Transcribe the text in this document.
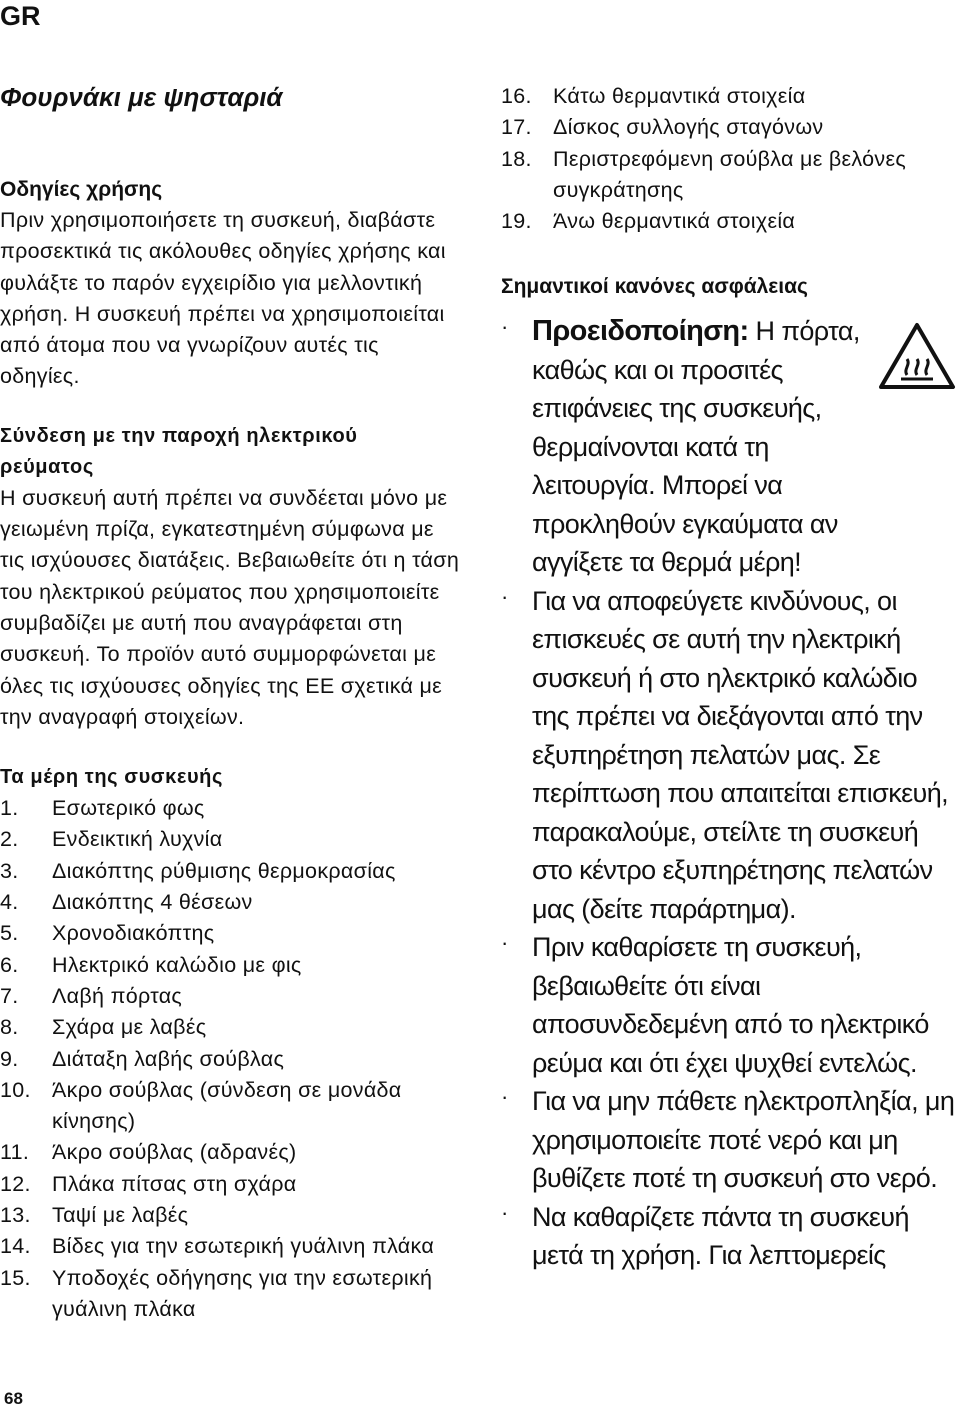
GR
Φουρνάκι με ψησταριά
Οδηγίες χρήσης
Πριν χρησιμοποιήσετε τη συσκευή, διαβάστε προσεκτικά τις ακόλουθες οδηγίες χρήσης και φυλάξτε το παρόν εγχειρίδιο για μελλοντική χρήση. Η συσκευή πρέπει να χρησιμοποιείται από άτομα που να γνωρίζουν αυτές τις οδηγίες.
Σύνδεση με την παροχή ηλεκτρικού ρεύματος
Η συσκευή αυτή πρέπει να συνδέεται μόνο με γειωμένη πρίζα, εγκατεστημένη σύμφωνα με τις ισχύουσες διατάξεις. Βεβαιωθείτε ότι η τάση του ηλεκτρικού ρεύματος που χρησιμοποιείτε συμβαδίζει με αυτή που αναγράφεται στη συσκευή. Το προϊόν αυτό συμμορφώνεται με όλες τις ισχύουσες οδηγίες της ΕΕ σχετικά με την αναγραφή στοιχείων.
Τα μέρη της συσκευής
1.	Εσωτερικό φως
2.	Ενδεικτική λυχνία
3.	Διακόπτης ρύθμισης θερμοκρασίας
4.	Διακόπτης 4 θέσεων
5.	Χρονοδιακόπτης
6.	Ηλεκτρικό καλώδιο με φις
7.	Λαβή πόρτας
8.	Σχάρα με λαβές
9.	Διάταξη λαβής σούβλας
10. Άκρο σούβλας (σύνδεση σε μονάδα κίνησης)
11.	Άκρο σούβλας (αδρανές)
12. Πλάκα πίτσας στη σχάρα
13. Ταψί με λαβές
14. Βίδες για την εσωτερική γυάλινη πλάκα
15. Υποδοχές οδήγησης για την εσωτερική γυάλινη πλάκα
68
16. Κάτω θερμαντικά στοιχεία
17. Δίσκος συλλογής σταγόνων
18. Περιστρεφόμενη σούβλα με βελόνες συγκράτησης
19. Άνω θερμαντικά στοιχεία
Σημαντικοί κανόνες ασφάλειας
· Προειδοποίηση: Η πόρτα, καθώς και οι προσιτές επιφάνειες της συσκευής, θερμαίνονται κατά τη λειτουργία. Μπορεί να προκληθούν εγκαύματα αν αγγίξετε τα θερμά μέρη!
· Για να αποφεύγετε κινδύνους, οι επισκευές σε αυτή την ηλεκτρική συσκευή ή στο ηλεκτρικό καλώδιο της πρέπει να διεξάγονται από την εξυπηρέτηση πελατών μας. Σε περίπτωση που απαιτείται επισκευή, παρακαλούμε, στείλτε τη συσκευή στο κέντρο εξυπηρέτησης πελατών μας (δείτε παράρτημα).
· Πριν καθαρίσετε τη συσκευή, βεβαιωθείτε ότι είναι αποσυνδεδεμένη από το ηλεκτρικό ρεύμα και ότι έχει ψυχθεί εντελώς.
· Για να μην πάθετε ηλεκτροπληξία, μη χρησιμοποιείτε ποτέ νερό και μη βυθίζετε ποτέ τη συσκευή στο νερό.
· Να καθαρίζετε πάντα τη συσκευή μετά τη χρήση. Για λεπτομερείς
